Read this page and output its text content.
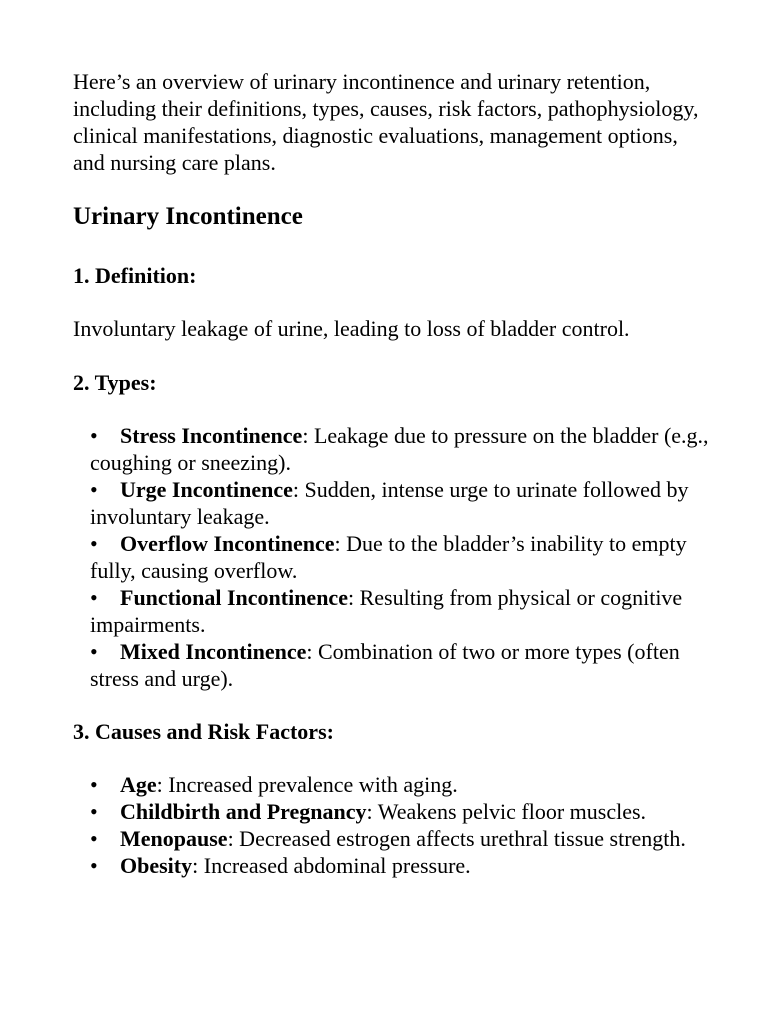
Here’s an overview of urinary incontinence and urinary retention, including their definitions, types, causes, risk factors, pathophysiology, clinical manifestations, diagnostic evaluations, management options, and nursing care plans.

Urinary Incontinence
1. Definition:

Involuntary leakage of urine, leading to loss of bladder control.

2. Types:
• Stress Incontinence: Leakage due to pressure on the bladder (e.g., coughing or sneezing).
• Urge Incontinence: Sudden, intense urge to urinate followed by involuntary leakage.
• Overflow Incontinence: Due to the bladder’s inability to empty fully, causing overflow.
• Functional Incontinence: Resulting from physical or cognitive impairments.
• Mixed Incontinence: Combination of two or more types (often stress and urge).
3. Causes and Risk Factors:
• Age: Increased prevalence with aging.
• Childbirth and Pregnancy: Weakens pelvic floor muscles.
• Menopause: Decreased estrogen affects urethral tissue strength.
• Obesity: Increased abdominal pressure.
